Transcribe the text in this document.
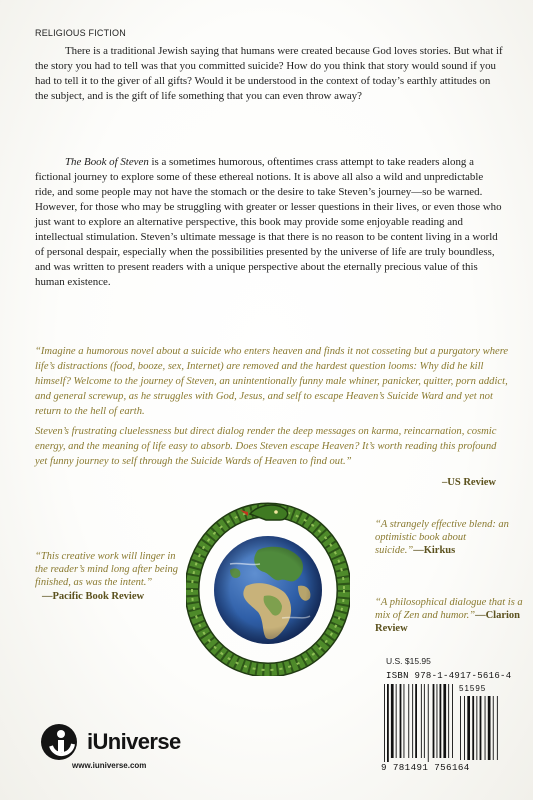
RELIGIOUS FICTION

There is a traditional Jewish saying that humans were created because God loves stories. But what if the story you had to tell was that you committed suicide? How do you think that story would sound if you had to tell it to the giver of all gifts? Would it be understood in the context of today’s earthly attitudes on the subject, and is the gift of life something that you can even throw away?

The Book of Steven is a sometimes humorous, oftentimes crass attempt to take readers along a fictional journey to explore some of these ethereal notions. It is above all also a wild and unpredictable ride, and some people may not have the stomach or the desire to take Steven’s journey—so be warned. However, for those who may be struggling with greater or lesser questions in their lives, or even those who just want to explore an alternative perspective, this book may provide some enjoyable reading and intellectual stimulation. Steven’s ultimate message is that there is no reason to be content living in a world of personal despair, especially when the possibilities presented by the universe of life are truly boundless, and was written to present readers with a unique perspective about the eternally precious value of this human existence.

“Imagine a humorous novel about a suicide who enters heaven and finds it not cosseting but a purgatory where life’s distractions (food, booze, sex, Internet) are removed and the hardest question looms: Why did he kill himself? Welcome to the journey of Steven, an unintentionally funny male whiner, panicker, quitter, porn addict, and general screwup, as he struggles with God, Jesus, and self to escape Heaven’s Suicide Ward and yet not return to the hell of earth.

Steven’s frustrating cluelessness but direct dialog render the deep messages on karma, reincarnation, cosmic energy, and the meaning of life easy to absorb. Does Steven escape Heaven? It’s worth reading this profound yet funny journey to self through the Suicide Wards of Heaven to find out.”

–US Review

“This creative work will linger in the reader’s mind long after being finished, as was the intent.”
—Pacific Book Review

“A strangely effective blend: an optimistic book about suicide.”—Kirkus

“A philosophical dialogue that is a mix of Zen and humor.”—Clarion Review

U.S. $15.95
ISBN 978-1-4917-5616-4
51595
9 781491 756164
iUniverse
www.iuniverse.com
